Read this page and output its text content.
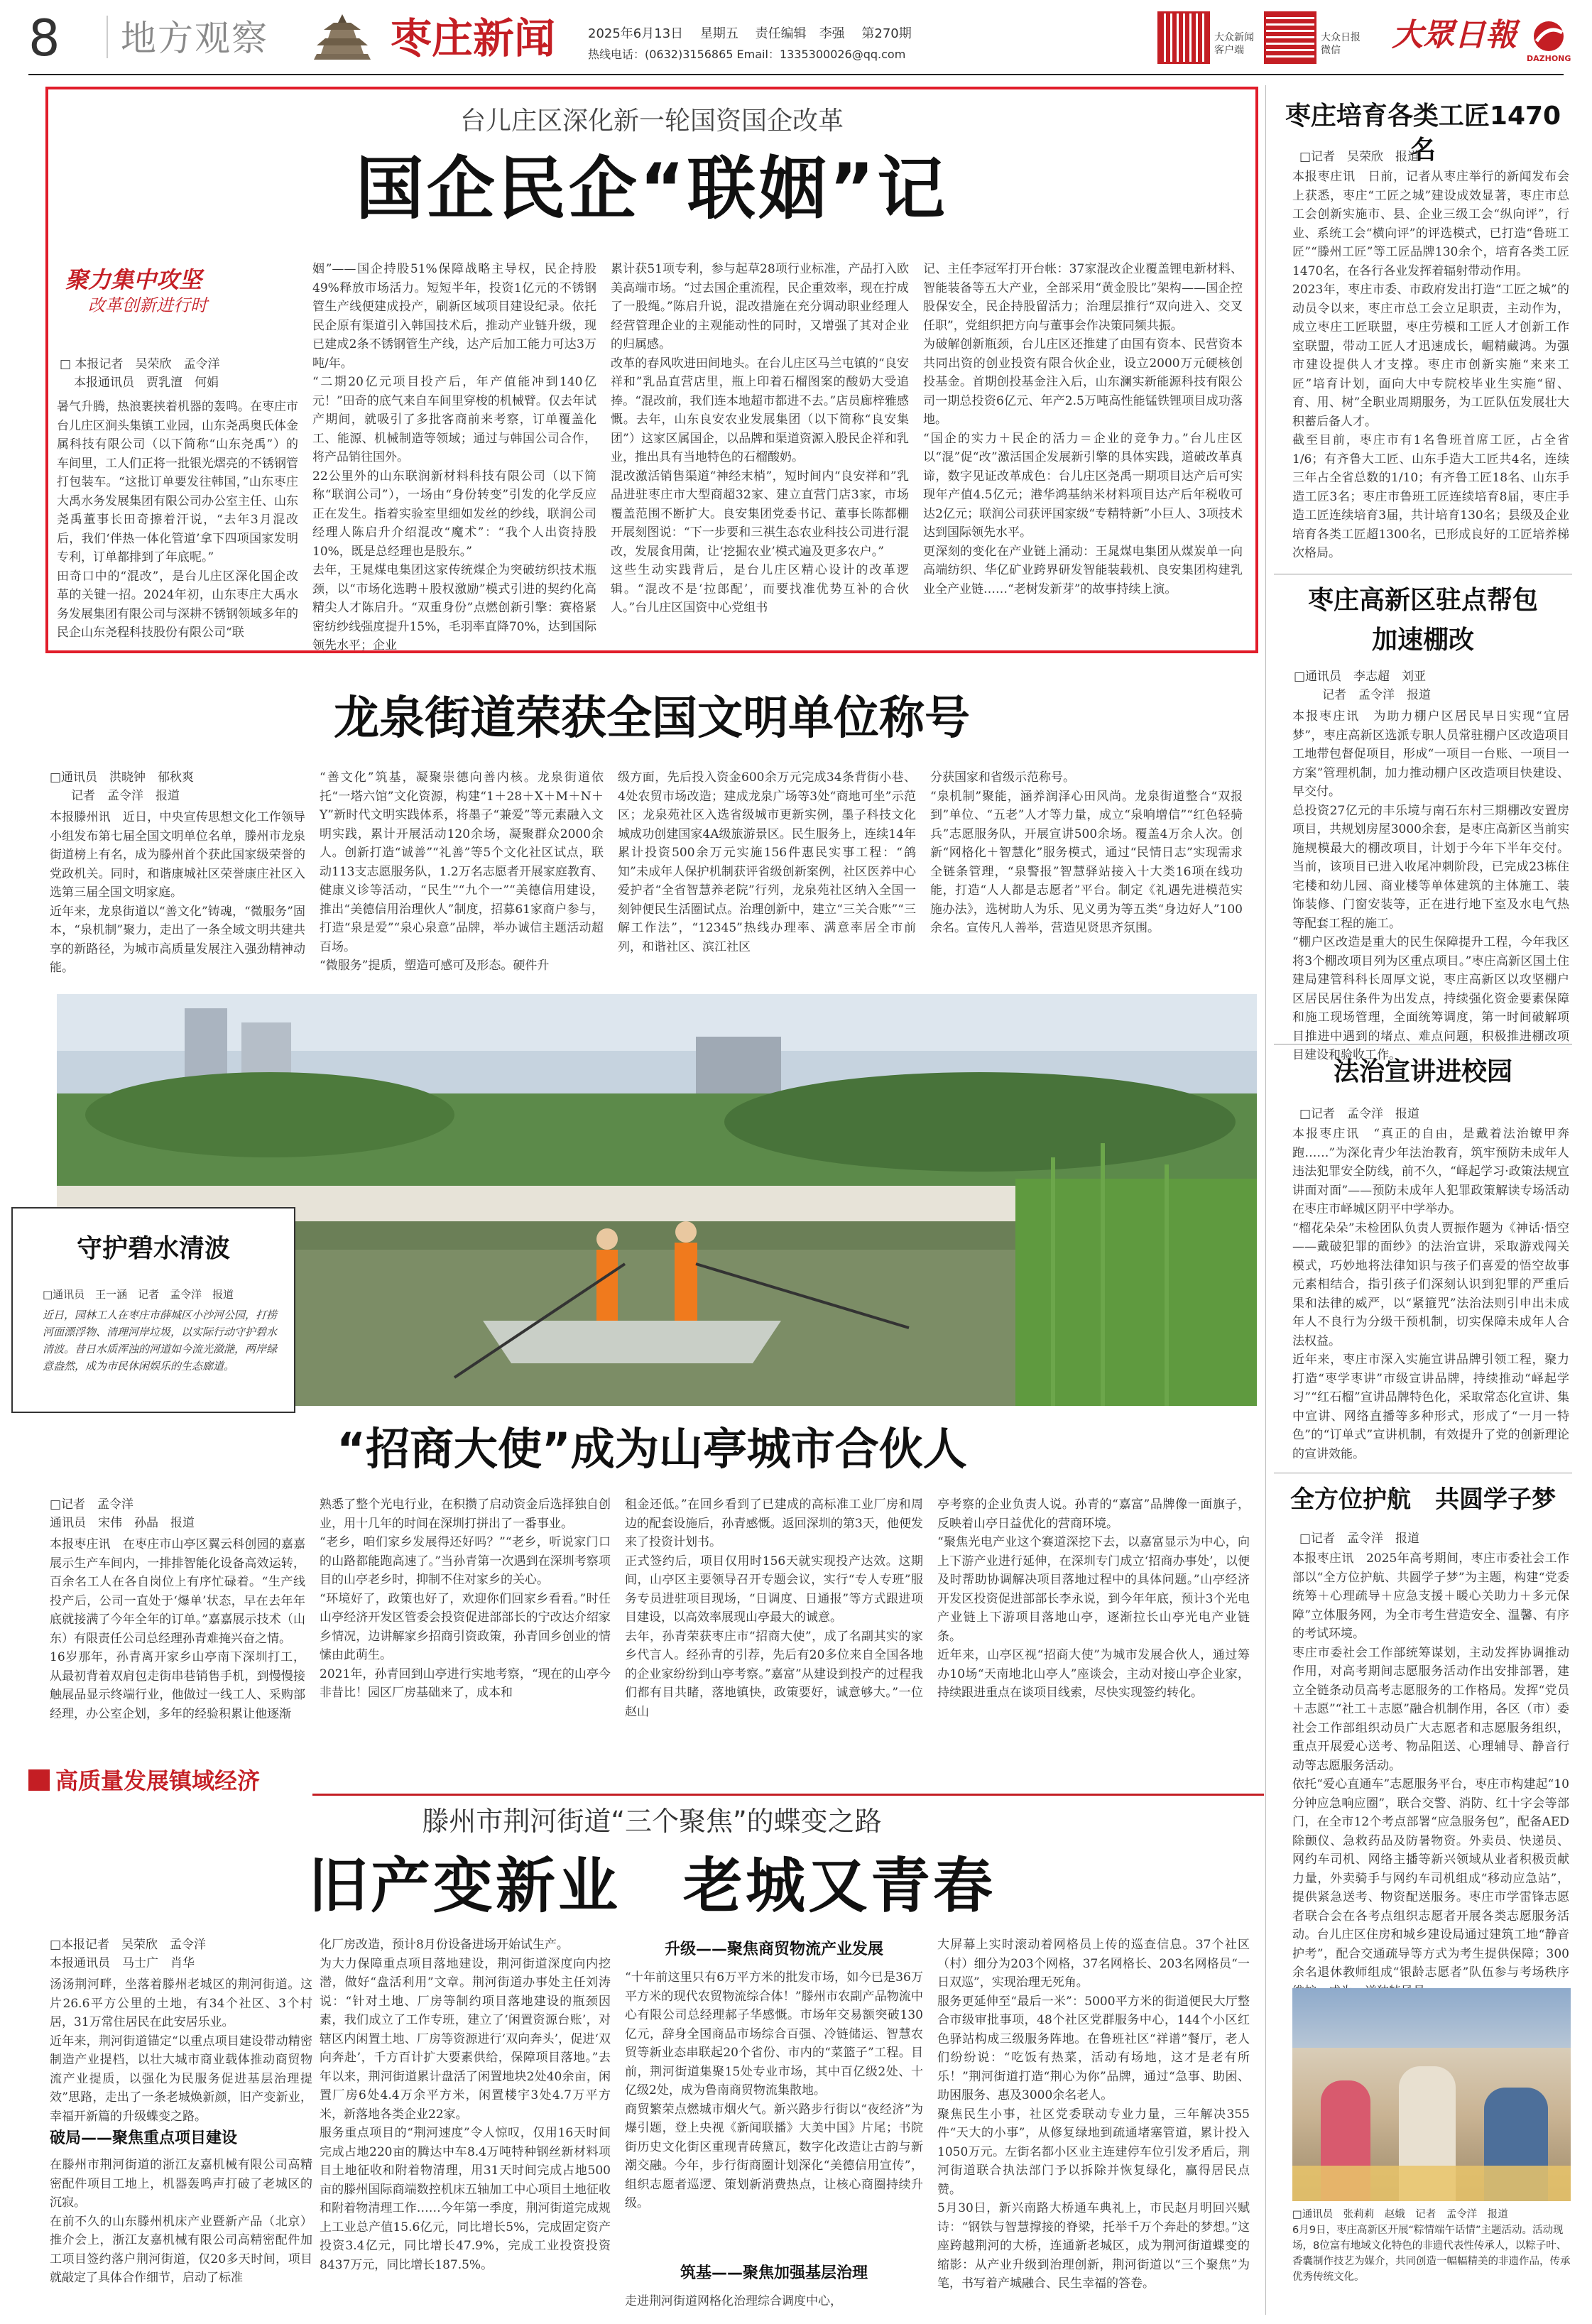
8 地方观察	枣庄新闻	2025年6月13日　 星期五　 责任编辑　李强　 第270期
热线电话：(0632)3156865 Email：1335300026@qq.com
大众新闻
客户端
大众日报
微信	大眾日報
DAZHONG
台儿庄区深化新一轮国资国企改革
国企民企“联姻”记
聚力集中攻坚
改革创新进行时
□ 本报记者　吴荣欣　孟令洋
本报通讯员　贾乳澶　何娟
暑气升腾，热浪裹挟着机器的轰鸣。在枣庄市台儿庄区涧头集镇工业园，山东尧禹奥氏体金属科技有限公司（以下简称“山东尧禹”）的车间里，工人们正将一批银光熠亮的不锈钢管打包装车。“这批订单要发往韩国，”山东枣庄大禹水务发展集团有限公司办公室主任、山东尧禹董事长田奇擦着汗说，“去年3月混改后，我们‘伴热一体化管道’拿下四项国家发明专利，订单都排到了年底呢。”
田奇口中的“混改”，是台儿庄区深化国企改革的关键一招。2024年初，山东枣庄大禹水务发展集团有限公司与深耕不锈钢领域多年的民企山东尧程科技股份有限公司“联
姻”——国企持股51%保障战略主导权，民企持股49%释放市场活力。短短半年，投资1亿元的不锈钢管生产线便建成投产，刷新区域项目建设纪录。依托民企原有渠道引入韩国技术后，推动产业链升级，现已建成2条不锈钢管生产线，达产后加工能力可达3万吨/年。
“二期20亿元项目投产后，年产值能冲到140亿元！”田奇的底气来自车间里穿梭的机械臂。仅去年试产期间，就吸引了多批客商前来考察，订单覆盖化工、能源、机械制造等领域；通过与韩国公司合作，将产品销往国外。
22公里外的山东联润新材料科技有限公司（以下简称“联润公司”），一场由“身份转变”引发的化学反应正在发生。指着实验室里细如发丝的纱线，联润公司经理人陈启升介绍混改“魔术”：“我个人出资持股10%，既是总经理也是股东。”
去年，王晁煤电集团这家传统煤企为突破纺织技术瓶颈，以“市场化选聘＋股权激励”模式引进的契约化高精尖人才陈启升。“双重身份”点燃创新引擎：赛格紧密纺纱线强度提升15%，毛羽率直降70%，达到国际领先水平；企业
累计获51项专利，参与起草28项行业标准，产品打入欧美高端市场。“过去国企重流程，民企重效率，现在拧成了一股绳。”陈启升说，混改措施在充分调动职业经理人经营管理企业的主观能动性的同时，又增强了其对企业的归属感。
改革的春风吹进田间地头。在台儿庄区马兰屯镇的“良安祥和”乳品直营店里，瓶上印着石榴图案的酸奶大受追捧。“混改前，我们连本地超市都进不去。”店员廊梓雅感慨。去年，山东良安农业发展集团（以下简称“良安集团”）这家区属国企，以品牌和渠道资源入股民企祥和乳业，推出具有当地特色的石榴酸奶。
混改激活销售渠道“神经末梢”，短时间内“良安祥和”乳品进驻枣庄市大型商超32家、建立直营门店3家，市场覆盖范围不断扩大。良安集团党委书记、董事长陈都棚开展刻图说：“下一步要和三祺生态农业科技公司进行混改，发展食用菌，让‘挖掘农业’模式遍及更多农户。”
这些生动实践背后，是台儿庄区精心设计的改革逻辑。“混改不是‘拉郎配’，而要找准优势互补的合伙人。”台儿庄区国资中心党组书
记、主任李冠军打开台帐：37家混改企业覆盖锂电新材料、智能装备等五大产业，全部采用“黄金股比”架构——国企控股保安全，民企持股留活力；治理层推行“双向进入、交叉任职”，党组织把方向与董事会作决策同频共振。
为破解创新瓶颈，台儿庄区还推建了由国有资本、民营资本共同出资的创业投资有限合伙企业，设立2000万元硬核创投基金。首期创投基金注入后，山东澜实新能源科技有限公司一期总投资6亿元、年产2.5万吨高性能锰铁锂项目成功落地。
“国企的实力＋民企的活力＝企业的竞争力。”台儿庄区以“混”促“改”激活国企发展新引擎的具体实践，道破改革真谛，数字见证改革成色：台儿庄区尧禹一期项目达产后可实现年产值4.5亿元；港华鸿基纳米材料项目达产后年税收可达2亿元；联润公司获评国家级“专精特新”小巨人、3项技术达到国际领先水平。
更深刻的变化在产业链上涌动：王晁煤电集团从煤炭单一向高端纺织、华亿矿业跨界研发智能装载机、良安集团构建乳业全产业链……“老树发新芽”的故事持续上演。
枣庄培育各类工匠1470名
□记者　吴荣欣　报道
本报枣庄讯　日前，记者从枣庄举行的新闻发布会上获悉，枣庄“工匠之城”建设成效显著，枣庄市总工会创新实施市、县、企业三级工会“纵向评”，行业、系统工会“横向评”的评选模式，已打造“鲁班工匠”“滕州工匠”等工匠品牌130余个，培育各类工匠1470名，在各行各业发挥着辐射带动作用。
2023年，枣庄市委、市政府发出打造“工匠之城”的动员令以来，枣庄市总工会立足职责，主动作为，成立枣庄工匠联盟，枣庄劳模和工匠人才创新工作室联盟，带动工匠人才迅速成长，崛精藏鸿。为强市建设提供人才支撑。枣庄市创新实施“来来工匠”培育计划，面向大中专院校毕业生实施“留、育、用、树”全职业周期服务，为工匠队伍发展壮大积蓄后备人才。
截至目前，枣庄市有1名鲁班首席工匠，占全省1/6；有齐鲁大工匠、山东手造大工匠共4名，连续三年占全省总数的1/10；有齐鲁工匠18名、山东手造工匠3名；枣庄市鲁班工匠连续培育8届，枣庄手造工匠连续培育3届，共计培育130名；县级及企业培育各类工匠超1300名，已形成良好的工匠培养梯次格局。
枣庄高新区驻点帮包
加速棚改
□通讯员　李志超　刘亚
记者　孟令洋　报道
本报枣庄讯　为助力棚户区居民早日实现“宜居梦”，枣庄高新区选派专职人员常驻棚户区改造项目工地带包督促项目，形成“一项目一台账、一项目一方案”管理机制，加力推动棚户区改造项目快建设、早交付。
总投资27亿元的丰乐境与南石东村三期棚改安置房项目，共规划房屋3000余套，是枣庄高新区当前实施规模最大的棚改项目，计划于今年下半年交付。当前，该项目已进入收尾冲刺阶段，已完成23栋住宅楼和幼儿园、商业楼等单体建筑的主体施工、装饰装修、门窗安装等，正在进行地下室及水电气热等配套工程的施工。
“棚户区改造是重大的民生保障提升工程，今年我区将3个棚改项目列为区重点项目。”枣庄高新区国土住建局建管科科长周厚文说，枣庄高新区以攻坚棚户区居民居住条件为出发点，持续强化资金要素保障和施工现场管理，全面统筹调度，第一时间破解项目推进中遇到的堵点、难点问题，积极推进棚改项目建设和验收工作。
法治宣讲进校园
□记者　孟令洋　报道
本报枣庄讯　“真正的自由，是戴着法治镣甲奔跑……”为深化青少年法治教育，筑牢预防未成年人违法犯罪安全防线，前不久，“峄起学习·政策法规宣讲面对面”——预防未成年人犯罪政策解读专场活动在枣庄市峄城区阴平中学举办。
“榴花朵朵”未检团队负责人贾振作题为《神话·悟空——戴破犯罪的面纱》的法治宣讲，采取游戏闯关模式，巧妙地将法律知识与孩子们喜爱的悟空故事元素相结合，指引孩子们深刻认识到犯罪的严重后果和法律的威严，以“紧箍咒”法治法则引申出未成年人不良行为分级干预机制，切实保障未成年人合法权益。
近年来，枣庄市深入实施宣讲品牌引领工程，聚力打造“枣学枣讲”市级宣讲品牌，持续推动“峄起学习”“红石榴”宣讲品牌特色化，采取常态化宣讲、集中宣讲、网络直播等多种形式，形成了“一月一特色”的“订单式”宣讲机制，有效提升了党的创新理论的宣讲效能。
全方位护航　共圆学子梦
□记者　孟令洋　报道
本报枣庄讯　2025年高考期间，枣庄市委社会工作部以“全方位护航、共圆学子梦”为主题，构建“党委统筹＋心理疏导＋应急支援＋暖心关助力＋多元保障”立体服务网，为全市考生营造安全、温馨、有序的考试环境。
枣庄市委社会工作部统筹谋划，主动发挥协调推动作用，对高考期间志愿服务活动作出安排部署，建立全链条动员高考志愿服务的工作格局。发挥“党员＋志愿”“社工＋志愿”融合机制作用，各区（市）委社会工作部组织动员广大志愿者和志愿服务组织，重点开展爱心送考、物品阻送、心理辅导、静音行动等志愿服务活动。
依托“爱心直通车”志愿服务平台，枣庄市构建起“10分钟应急响应圈”，联合交警、消防、红十字会等部门，在全市12个考点部署“应急服务包”，配备AED除颤仪、急救药品及防暑物资。外卖员、快递员、网约车司机、网络主播等新兴领域从业者积极贡献力量，外卖骑手与网约车司机组成“移动应急站”，提供紧急送考、物资配送服务。枣庄市学雷锋志愿者联合会在各考点组织志愿者开展各类志愿服务活动。台儿庄区住房和城乡建设局通过建筑工地“静音护考”，配合交通疏导等方式为考生提供保障；300余名退休教师组成“银龄志愿者”队伍参与考场秩序
□通讯员　张莉莉　赵娥　记者　孟令洋　报道
6月9日，枣庄高新区开展“粽情端午话情”主题活动。活动现场，8位富有地域文化特色的非遗代表性传承人，以粽子叶、香囊制作技艺为媒介，共同创造一幅幅精美的非遗作品，传承优秀传统文化。
龙泉街道荣获全国文明单位称号
□通讯员　洪晓钟　郁秋爽
记者　孟令洋　报道
本报滕州讯　近日，中央宣传思想文化工作领导小组发布第七届全国文明单位名单，滕州市龙泉街道榜上有名，成为滕州首个获此国家级荣誉的党政机关。同时，和谐康城社区荣誉康庄社区入选第三届全国文明家庭。
近年来，龙泉街道以“善文化”铸魂，“微服务”固本，“泉机制”聚力，走出了一条全域文明共建共享的新路径，为城市高质量发展注入强劲精神动能。
“善文化”筑基，凝聚崇德向善内核。龙泉街道依托“一塔六馆”文化资源，构建“1＋28＋X＋M＋N＋Y”新时代文明实践体系，将墨子“兼爱”等元素融入文明实践，累计开展活动120余场，凝聚群众2000余人。创新打造“诚善”“礼善”等5个文化社区试点，联动113支志愿服务队，1.2万名志愿者开展家庭教育、健康义诊等活动，“民生”“九个一”“美德信用建设，推出“美德信用治理伙人”制度，招募61家商户参与，打造“泉是爱”“泉心泉意”品牌，举办诚信主题活动超百场。
“微服务”提质，塑造可感可及形态。硬件升
级方面，先后投入资金600余万元完成34条背街小巷、4处农贸市场改造；建成龙泉广场等3处“商地可坐”示范区；龙泉苑社区入选省级城市更新实例，墨子科技文化城成功创建国家4A级旅游景区。民生服务上，连续14年累计投资500余万元实施156件惠民实事工程：“鸽知”未成年人保护机制获评省级创新案例，社区医养中心爱护者“全省智慧养老院”行列，龙泉苑社区纳入全国一刻钟便民生活圈试点。治理创新中，建立“三关合账”“三解工作法”，“12345”热线办理率、满意率居全市前列，和谐社区、滨江社区
分获国家和省级示范称号。
“泉机制”聚能，涵养润泽心田风尚。龙泉街道整合“双报到”单位、“五老”人才等力量，成立“泉响增信”“红色轻骑兵”志愿服务队，开展宣讲500余场。覆盖4万余人次。创新“网格化＋智慧化”服务模式，通过“民情日志”实现需求全链条管理，“泉警报”智慧驿站接入十大类16项在线功能，打造“人人都是志愿者”平台。制定《礼遇先进模范实施办法》，选树助人为乐、见义勇为等五类“身边好人”100余名。宣传凡人善举，营造见贤思齐氛围。
守护碧水清波
□通讯员　王一涵　记者　孟令洋　报道
近日，园林工人在枣庄市薛城区小沙河公园，打捞河面漂浮物、清理河岸垃圾，以实际行动守护碧水清波。昔日水质浑浊的河道如今流光潋滟，两岸绿意盎然，成为市民休闲娱乐的生态廊道。
“招商大使”成为山亭城市合伙人
□记者　孟令洋
通讯员　宋伟　孙晶　报道
本报枣庄讯　在枣庄市山亭区翼云科创园的嘉嘉展示生产车间内，一排排智能化设备高效运转，百余名工人在各自岗位上有序忙碌着。“生产线投产后，公司一直处于‘爆单’状态，早在去年年底就接满了今年全年的订单。”嘉嘉展示技术（山东）有限责任公司总经理孙青难掩兴奋之情。
16岁那年，孙青离开家乡山亭南下深圳打工，从最初背着双肩包走街串巷销售手机，到慢慢接触展品显示终端行业，他做过一线工人、采购部经理，办公室企划，多年的经验积累让他逐渐
熟悉了整个光电行业，在积攒了启动资金后选择独自创业，用十几年的时间在深圳打拼出了一番事业。
“老乡，咱们家乡发展得还好吗？”“老乡，听说家门口的山路都能跑高速了。”当孙青第一次遇到在深圳考察项目的山亭老乡时，抑制不住对家乡的关心。
“环境好了，政策也好了，欢迎你们回家乡看看。”时任山亭经济开发区管委会投资促进部部长的宁改达介绍家乡情况，边讲解家乡招商引资政策，孙青回乡创业的情愫由此萌生。
2021年，孙青回到山亭进行实地考察，“现在的山亭今非昔比！园区厂房基础来了，成本和
租金还低。”在回乡看到了已建成的高标准工业厂房和周边的配套设施后，孙青感慨。返回深圳的第3天，他便发来了投资计划书。
正式签约后，项目仅用时156天就实现投产达效。这期间，山亭区主要领导召开专题会议，实行“专人专班”服务专员进驻项目现场，“日调度、日通报”等方式跟进项目建设，以高效率展现山亭最大的诚意。
去年，孙青荣获枣庄市“招商大使”，成了名副其实的家乡代言人。经孙青的引荐，先后有20多位来自全国各地的企业家纷纷到山亭考察。”嘉富”从建设到投产的过程我们都有目共睹，落地镇快，政策要好，诚意够大。”一位赵山
亭考察的企业负责人说。孙青的“嘉富”品牌像一面旗子，反映着山亭日益优化的营商环境。
“聚焦光电产业这个赛道深挖下去，以嘉富显示为中心，向上下游产业进行延伸，在深圳专门成立‘招商办事处’，以便及时帮助协调解决项目落地过程中的具体问题。”山亭经济开发区投资促进部部长李永说，到今年年底，预计3个光电产业链上下游项目落地山亭，逐渐拉长山亭光电产业链条。
近年来，山亭区视“招商大使”为城市发展合伙人，通过筹办10场“天南地北山亭人”座谈会，主动对接山亭企业家，持续跟进重点在谈项目线索，尽快实现签约转化。
高质量发展镇域经济
滕州市荆河街道“三个聚焦”的蝶变之路
旧产变新业　老城又青春
□本报记者　吴荣欣　孟令洋
本报通讯员　马士广　肖华
汤汤荆河畔，坐落着滕州老城区的荆河街道。这片26.6平方公里的土地，有34个社区、3个村居，31万常住居民在此安居乐业。
近年来，荆河街道锚定“以重点项目建设带动精密制造产业提档，以壮大城市商业载体推动商贸物流产业提质，以强化为民服务促进基层治理提效”思路，走出了一条老城焕新颜，旧产变新业，幸福开新篇的升级蝶变之路。
破局——聚焦重点项目建设
在滕州市荆河街道的浙江友嘉机械有限公司高精密配件项目工地上，机器轰鸣声打破了老城区的沉寂。
在前不久的山东滕州机床产业暨新产品（北京）推介会上，浙江友嘉机械有限公司高精密配件加工项目签约落户荆河街道，仅20多天时间，项目就敲定了具体合作细节，启动了标准
化厂房改造，预计8月份设备进场开始试生产。
为大力保障重点项目落地建设，荆河街道深度向内挖潜，做好“盘活利用”文章。荆河街道办事处主任刘涛说：“针对土地、厂房等制约项目落地建设的瓶颈因素，我们成立了工作专班，建立了‘闲置资源台账’，对辖区内闲置土地、厂房等资源进行‘双向奔头’，促进‘双向奔赴’，千方百计扩大要素供给，保障项目落地。”去年以来，荆河街道累计盘活了闲置地块2处40余亩，闲置厂房6处4.4万余平方米，闲置楼宇3处4.7万平方米，新落地各类企业22家。
服务重点项目的“荆河速度”令人惊叹，仅用16天时间完成占地220亩的腾达中车8.4万吨特种钢丝新材料项目土地征收和附着物清理，用31天时间完成占地500亩的滕州国际商端数控机床五轴加工中心项目土地征收和附着物清理工作……今年第一季度，荆河街道完成规上工业总产值15.6亿元，同比增长5%，完成固定资产投资3.4亿元，同比增长47.9%，完成工业投资投资8437万元，同比增长187.5%。
升级——聚焦商贸物流产业发展
“十年前这里只有6万平方米的批发市场，如今已是36万平方米的现代农贸物流综合体！”滕州市农副产品物流中心有限公司总经理郝子华感慨。市场年交易额突破130亿元，辞身全国商品市场综合百强、冷链储运、智慧农贸等新业态串联起20个省份、市内的“菜篮子”工程。目前，荆河街道集聚15处专业市场，其中百亿级2处、十亿级2处，成为鲁南商贸物流集散地。
商贸繁荣点燃城市烟火气。新兴路步行街以“夜经济”为爆引题，登上央视《新闻联播》大美中国》片尾；书院街历史文化街区重现青砖黛瓦，数字化改造让古韵与新潮交融。今年，步行街商圈计划深化“美德信用宣传”，组织志愿者巡逻、策划新消费热点，让核心商圈持续升级。
筑基——聚焦加强基层治理
走进荆河街道网格化治理综合调度中心，
大屏幕上实时滚动着网格员上传的巡查信息。37个社区（村）细分为203个网格，37名网格长、203名网格员“一日双巡”，实现治理无死角。
服务更延伸至“最后一米”：5000平方米的街道便民大厅整合市级审批事项，48个社区党群服务中心，144个小区红色驿站构成三级服务阵地。在鲁班社区“祥谱”餐厅，老人们纷纷说：“吃饭有热菜，活动有场地，这才是老有所乐！”荆河街道打造“荆心为你”品牌，通过“急事、助困、助困服务、惠及3000余名老人。
聚焦民生小事，社区党委联动专业力量，三年解决355件“天大的小事”，从修复绿地到疏通堵塞管道，累计投入1050万元。左街名都小区业主连建停车位引发矛盾后，荆河街道联合执法部门予以拆除并恢复绿化，赢得居民点赞。
5月30日，新兴南路大桥通车典礼上，市民赵月明回兴赋诗：“钢铁与智慧撑接的脊梁，托举千万个奔赴的梦想。”这座跨越荆河的大桥，连通新老城区，成为荆河街道蝶变的缩影：从产业升级到治理创新，荆河街道以“三个聚焦”为笔，书写着产城融合、民生幸福的答卷。
